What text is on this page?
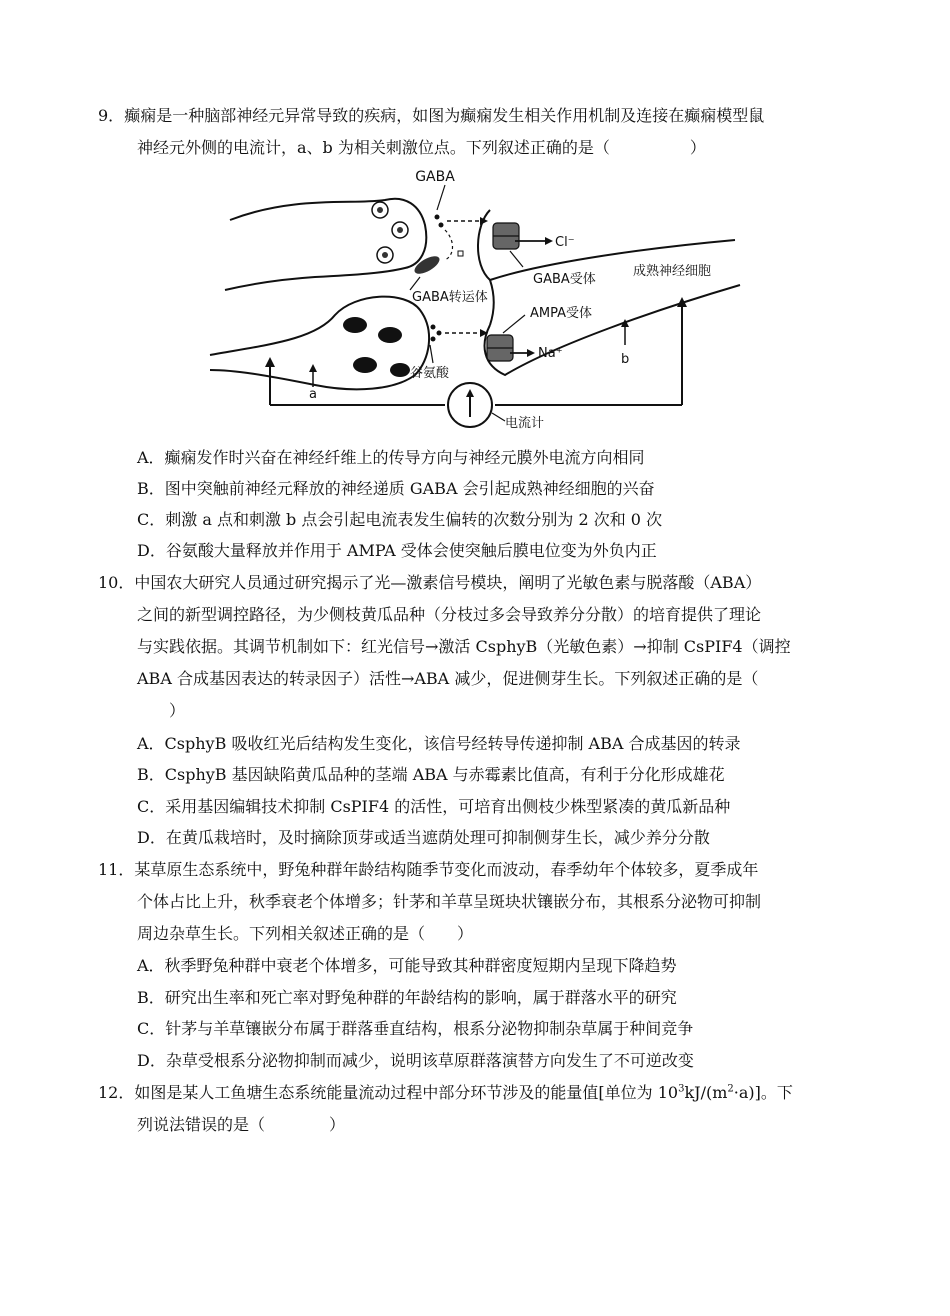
9．癫痫是一种脑部神经元异常导致的疾病，如图为癫痫发生相关作用机制及连接在癫痫模型鼠
神经元外侧的电流计，a、b 为相关刺激位点。下列叙述正确的是（　　　　　）
GABA
Cl⁻
GABA受体
成熟神经细胞
GABA转运体
AMPA受体
Na⁺	b
谷氨酸
a
电流计
A．癫痫发作时兴奋在神经纤维上的传导方向与神经元膜外电流方向相同
B．图中突触前神经元释放的神经递质 GABA 会引起成熟神经细胞的兴奋
C．刺激 a 点和刺激 b 点会引起电流表发生偏转的次数分别为 2 次和 0 次
D．谷氨酸大量释放并作用于 AMPA 受体会使突触后膜电位变为外负内正
10．中国农大研究人员通过研究揭示了光—激素信号模块，阐明了光敏色素与脱落酸（ABA）
之间的新型调控路径，为少侧枝黄瓜品种（分枝过多会导致养分分散）的培育提供了理论
与实践依据。其调节机制如下：红光信号→激活 CsphyB（光敏色素）→抑制 CsPIF4（调控
ABA 合成基因表达的转录因子）活性→ABA 减少，促进侧芽生长。下列叙述正确的是（
　　）
A．CsphyB 吸收红光后结构发生变化，该信号经转导传递抑制 ABA 合成基因的转录
B．CsphyB 基因缺陷黄瓜品种的茎端 ABA 与赤霉素比值高，有利于分化形成雄花
C．采用基因编辑技术抑制 CsPIF4 的活性，可培育出侧枝少株型紧凑的黄瓜新品种
D．在黄瓜栽培时，及时摘除顶芽或适当遮荫处理可抑制侧芽生长，减少养分分散
11．某草原生态系统中，野兔种群年龄结构随季节变化而波动，春季幼年个体较多，夏季成年
个体占比上升，秋季衰老个体增多；针茅和羊草呈斑块状镶嵌分布，其根系分泌物可抑制
周边杂草生长。下列相关叙述正确的是（　　）
A．秋季野兔种群中衰老个体增多，可能导致其种群密度短期内呈现下降趋势
B．研究出生率和死亡率对野兔种群的年龄结构的影响，属于群落水平的研究
C．针茅与羊草镶嵌分布属于群落垂直结构，根系分泌物抑制杂草属于种间竞争
D．杂草受根系分泌物抑制而减少，说明该草原群落演替方向发生了不可逆改变
12．如图是某人工鱼塘生态系统能量流动过程中部分环节涉及的能量值[单位为 $10^3kJ/(m^2\cdot a)$]。下
列说法错误的是（　　　　）
